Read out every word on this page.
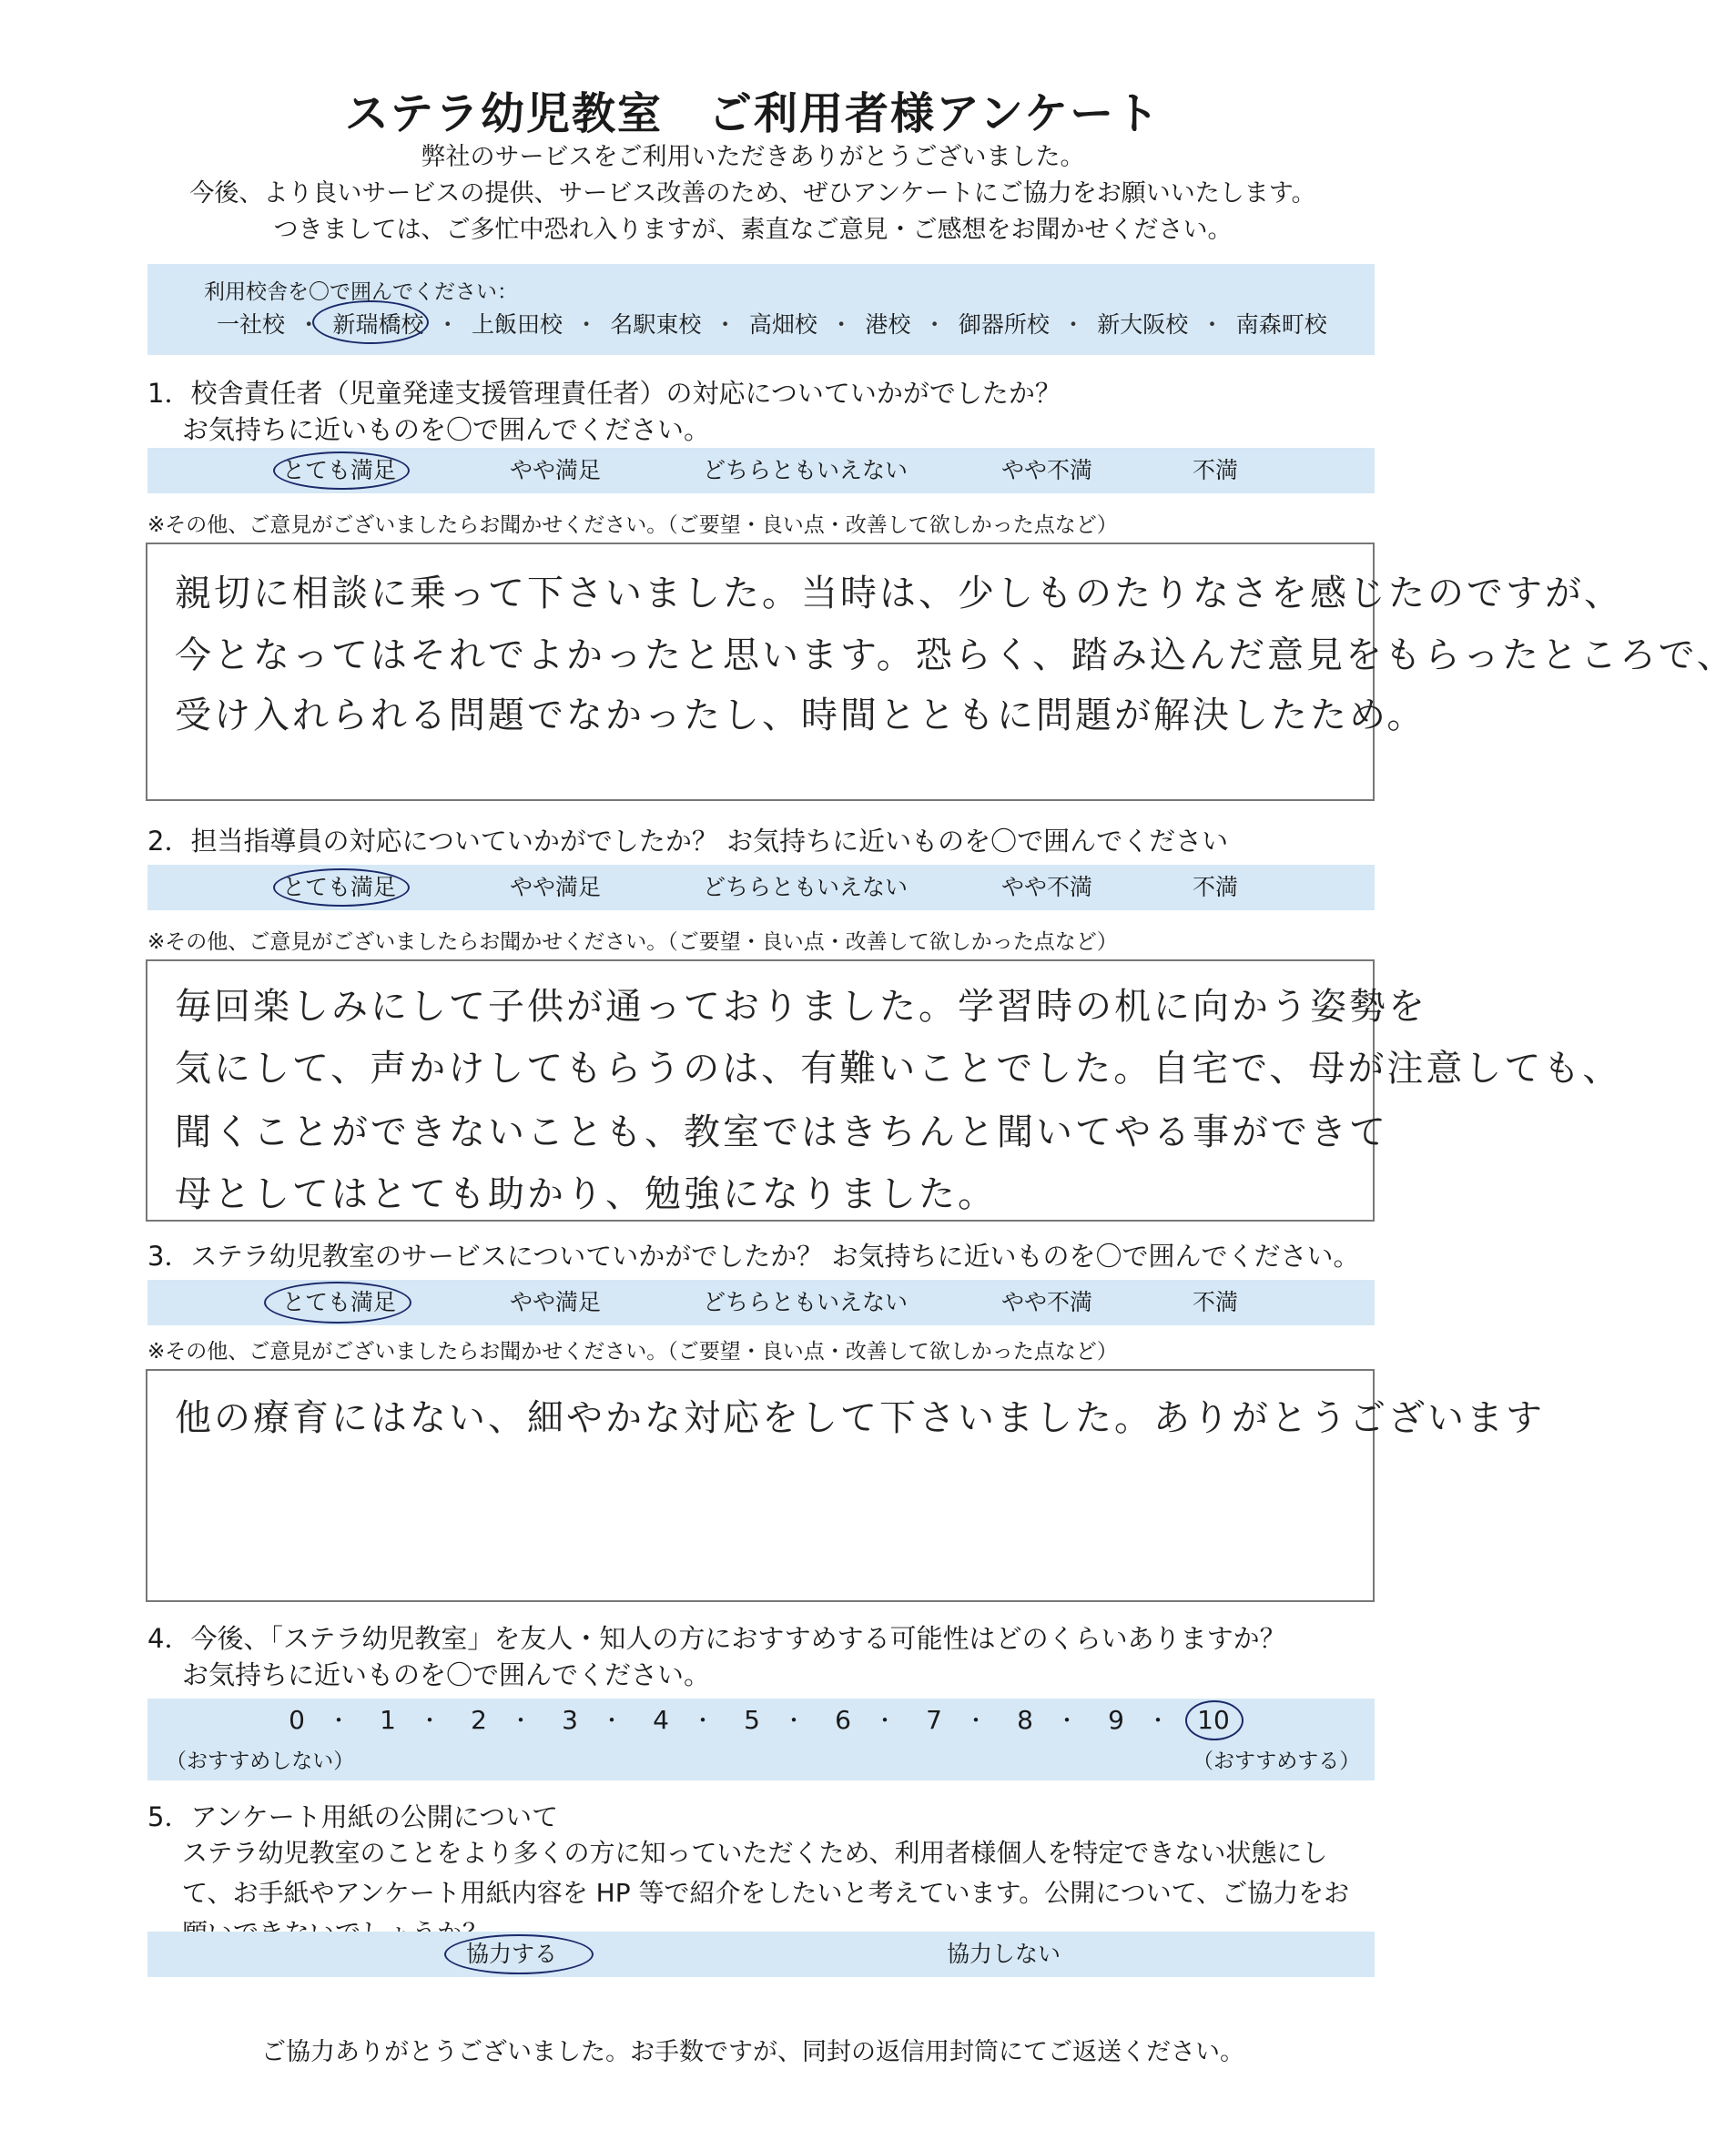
ステラ幼児教室　ご利用者様アンケート
弊社のサービスをご利用いただきありがとうございました。
今後、より良いサービスの提供、サービス改善のため、ぜひアンケートにご協力をお願いいたします。
つきましては、ご多忙中恐れ入りますが、素直なご意見・ご感想をお聞かせください。
利用校舎を〇で囲んでください：
一社校 ・ 新瑞橋校 ・ 上飯田校 ・ 名駅東校 ・ 高畑校 ・ 港校 ・ 御器所校 ・ 新大阪校 ・ 南森町校
1．校舎責任者（児童発達支援管理責任者）の対応についていかがでしたか？
お気持ちに近いものを〇で囲んでください。
とても満足	やや満足	どちらともいえない	やや不満	不満
※その他、ご意見がございましたらお聞かせください。（ご要望・良い点・改善して欲しかった点など）
親切に相談に乗って下さいました。当時は、少しものたりなさを感じたのですが、
今となってはそれでよかったと思います。恐らく、踏み込んだ意見をもらったところで、
受け入れられる問題でなかったし、時間とともに問題が解決したため。
2．担当指導員の対応についていかがでしたか？ お気持ちに近いものを〇で囲んでください
とても満足	やや満足	どちらともいえない	やや不満	不満
※その他、ご意見がございましたらお聞かせください。（ご要望・良い点・改善して欲しかった点など）
毎回楽しみにして子供が通っておりました。学習時の机に向かう姿勢を
気にして、声かけしてもらうのは、有難いことでした。自宅で、母が注意しても、
聞くことができないことも、教室ではきちんと聞いてやる事ができて
母としてはとても助かり、勉強になりました。
3．ステラ幼児教室のサービスについていかがでしたか？ お気持ちに近いものを〇で囲んでください。
とても満足	やや満足	どちらともいえない	やや不満	不満
※その他、ご意見がございましたらお聞かせください。（ご要望・良い点・改善して欲しかった点など）
他の療育にはない、細やかな対応をして下さいました。ありがとうございます
4．今後、「ステラ幼児教室」を友人・知人の方におすすめする可能性はどのくらいありますか？
お気持ちに近いものを〇で囲んでください。
0	・	1	・	2	・	3	・	4	・	5	・	6	・	7	・	8	・	9	・ 10
（おすすめしない）	（おすすめする）
5．アンケート用紙の公開について
ステラ幼児教室のことをより多くの方に知っていただくため、利用者様個人を特定できない状態にし
て、お手紙やアンケート用紙内容を HP 等で紹介をしたいと考えています。公開について、ご協力をお
協力する	協力しない
ご協力ありがとうございました。お手数ですが、同封の返信用封筒にてご返送ください。
